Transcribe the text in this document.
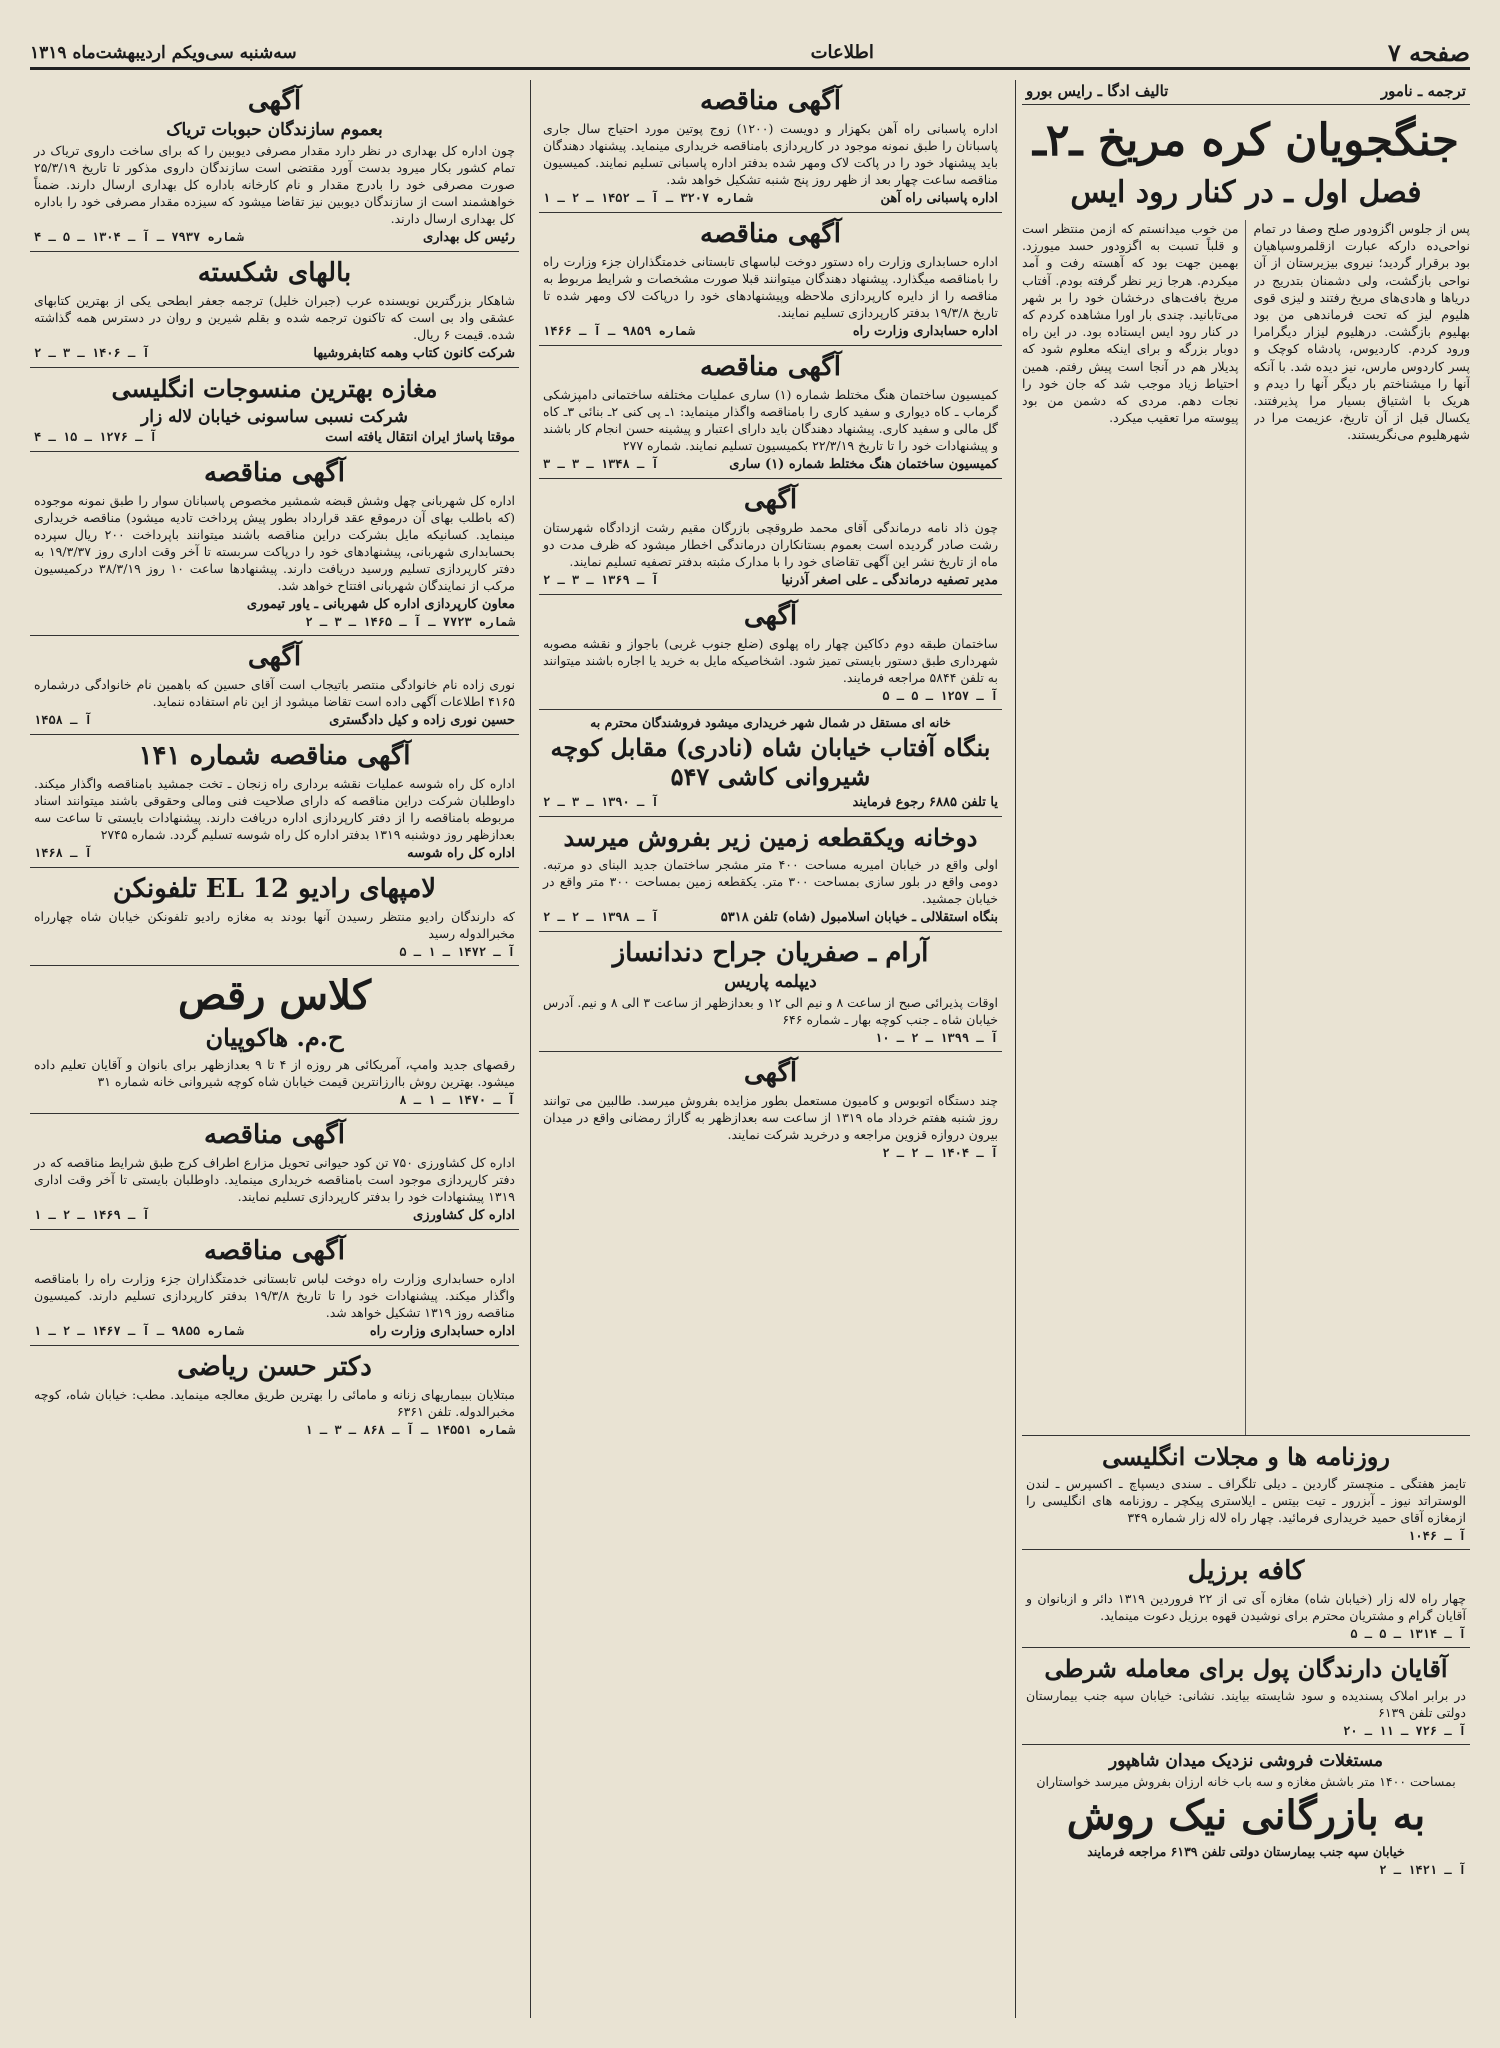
صفحه ۷
اطلاعات
سه‌شنبه سی‌و‌یکم اردیبهشت‌ماه ۱۳۱۹
ترجمه ـ نامور
تالیف ادگا ـ رایس بورو
جنگجویان کره مریخ ـ۲ـ
فصل اول ـ در کنار رود ایس
پس از جلوس اگزودور صلح وصفا در تمام نواحی‌ده دارکه عبارت ازقلمروسپاهیان بود برقرار گردید؛ نیروی بیزیرستان از آن نواحی بازگشت، ولی دشمنان بتدریج در دریاها و هادی‌های مریخ رفتند و لیزی قوی هلیوم لیز که تحت فرماندهی من بود بهلیوم بازگشت. درهلیوم لیزار دیگرامرا ورود کردم. کاردیوس، پادشاه کوچک و پسر کاردوس مارس، نیز دیده شد. با آنکه آنها را میشناختم بار دیگر آنها را دیدم و هریک با اشتیاق بسیار مرا پذیرفتند. یکسال قبل از آن تاریخ، عزیمت مرا در شهرهلیوم می‌نگریستند.
من خوب میدانستم که ازمن منتظر است و قلباً تسبت به اگزودور حسد میورزد. بهمین جهت بود که آهسته رفت و آمد میکردم. هرجا زیر نظر گرفته بودم. آفتاب مریخ بافت‌های درخشان خود را بر شهر می‌تابانید. چندی بار اورا مشاهده کردم که در کنار رود ایس ایستاده بود. در این راه دوبار بزرگه و برای اینکه معلوم شود که پدیلار هم در آنجا است پیش رفتم. همین احتیاط زیاد موجب شد که جان خود را نجات دهم. مردی که دشمن من بود پیوسته مرا تعقیب میکرد.
روزنامه ها و مجلات انگلیسی
تایمز هفتگی ـ منچستر گاردین ـ دیلی تلگراف ـ سندی دیسپاچ ـ اکسپرس ـ لندن الوستراتد نیوز ـ آبزرور ـ تیت بیتس ـ ایلاستری پیکچر ـ روزنامه های انگلیسی را ازمغازه آقای حمید خریداری فرمائید. چهار راه لاله زار شماره ۳۴۹
آ ـ ۱۰۴۶
کافه برزیل
چهار راه لاله زار (خیابان شاه) مغازه آی تی از ۲۲ فروردین ۱۳۱۹ دائر و ازبانوان و آقایان گرام و مشتریان محترم برای نوشیدن قهوه برزیل دعوت مینماید.
آ ـ ۱۳۱۴ ـ ۵ ـ ۵
آقایان دارندگان پول برای معامله شرطی
در برابر املاک پسندیده و سود شایسته بیایند. نشانی: خیابان سپه جنب بیمارستان دولتی تلفن ۶۱۳۹
آ ـ ۷۲۶ ـ ۱۱ ـ ۲۰
مستغلات فروشی نزدیک میدان شاهپور
بمساحت ۱۴۰۰ متر باشش مغازه و سه باب خانه ارزان بفروش میرسد خواستاران
به بازرگانی نیک روش
خیابان سپه جنب بیمارستان دولتی تلفن ۶۱۳۹ مراجعه فرمایند
آ ـ ۱۴۲۱ ـ ۲
آگهی مناقصه
اداره پاسبانی راه آهن بکهزار و دویست (۱۲۰۰) زوج پوتین مورد احتیاج سال جاری پاسبانان را طبق نمونه موجود در کارپردازی بامناقصه خریداری مینماید. پیشنهاد دهندگان باید پیشنهاد خود را در پاکت لاک ومهر شده بدفتر اداره پاسبانی تسلیم نمایند. کمیسیون مناقصه ساعت چهار بعد از ظهر روز پنج شنبه تشکیل خواهد شد.
اداره پاسبانی راه آهن
شماره ۳۲۰۷ ـ آ ـ ۱۴۵۲ ـ ۲ ـ ۱
آگهی مناقصه
اداره حسابداری وزارت راه دستور دوخت لباسهای تابستانی خدمتگذاران جزء وزارت راه را بامناقصه میگذارد. پیشنهاد دهندگان میتوانند قبلا صورت مشخصات و شرایط مربوط به مناقصه را از دایره کارپردازی ملاحظه وپیشنهادهای خود را درپاکت لاک ومهر شده تا تاریخ ۱۹/۳/۸ بدفتر کارپردازی تسلیم نمایند.
اداره حسابداری وزارت راه
شماره ۹۸۵۹ ـ آ ـ ۱۴۶۶
آگهی مناقصه
کمیسیون ساختمان هنگ مختلط شماره (۱) ساری عملیات مختلفه ساختمانی دامپزشکی گرماب ـ کاه دیواری و سفید کاری را بامناقصه واگذار مینماید: ۱ـ پی کنی ۲ـ بنائی ۳ـ کاه گل مالی و سفید کاری. پیشنهاد دهندگان باید دارای اعتبار و پیشینه حسن انجام کار باشند و پیشنهادات خود را تا تاریخ ۲۲/۳/۱۹ بکمیسیون تسلیم نمایند. شماره ۲۷۷
کمیسیون ساختمان هنگ مختلط شماره (۱) ساری
آ ـ ۱۳۴۸ ـ ۳ ـ ۳
آگهی
چون ذاد نامه درماندگی آقای محمد طروقچی بازرگان مقیم رشت ازدادگاه شهرستان رشت صادر گردیده است بعموم بستانکاران درماندگی اخطار میشود که ظرف مدت دو ماه از تاریخ نشر این آگهی تقاضای خود را با مدارک مثبته بدفتر تصفیه تسلیم نمایند.
مدیر تصفیه درماندگی ـ علی اصغر آذرنیا
آ ـ ۱۳۶۹ ـ ۳ ـ ۲
آگهی
ساختمان طبقه دوم دکاکین چهار راه پهلوی (ضلع جنوب غربی) باجواز و نقشه مصوبه شهرداری طبق دستور بایستی تمیز شود. اشخاصیکه مایل به خرید یا اجاره باشند میتوانند به تلفن ۵۸۴۴ مراجعه فرمایند.
آ ـ ۱۲۵۷ ـ ۵ ـ ۵
خانه ای مستقل در شمال شهر خریداری میشود فروشندگان محترم به
بنگاه آفتاب خیابان شاه (نادری) مقابل کوچه شیروانی کاشی ۵۴۷
یا تلفن ۶۸۸۵ رجوع فرمایند
آ ـ ۱۳۹۰ ـ ۳ ـ ۲
دوخانه ویکقطعه زمین زیر بفروش میرسد
اولی واقع در خیابان امیریه مساحت ۴۰۰ متر مشجر ساختمان جدید البنای دو مرتبه. دومی واقع در بلور سازی بمساحت ۳۰۰ متر. یکقطعه زمین بمساحت ۳۰۰ متر واقع در خیابان جمشید.
بنگاه استقلالی ـ خیابان اسلامبول (شاه) تلفن ۵۳۱۸
آ ـ ۱۳۹۸ ـ ۲ ـ ۲
آرام ـ صفریان جراح دندانساز
دیپلمه پاریس
اوقات پذیرائی صبح از ساعت ۸ و نیم الی ۱۲ و بعدازظهر از ساعت ۳ الی ۸ و نیم. آدرس خیابان شاه ـ جنب کوچه بهار ـ شماره ۶۴۶
آ ـ ۱۳۹۹ ـ ۲ ـ ۱۰
آگهی
چند دستگاه اتوبوس و کامیون مستعمل بطور مزایده بفروش میرسد. طالبین می توانند روز شنبه هفتم خرداد ماه ۱۳۱۹ از ساعت سه بعدازظهر به گاراژ رمضانی واقع در میدان بیرون دروازه قزوین مراجعه و درخرید شرکت نمایند.
آ ـ ۱۴۰۴ ـ ۲ ـ ۲
آگهی
بعموم سازندگان حبوبات تریاک
چون اداره کل بهداری در نظر دارد مقدار مصرفی دیوبین را که برای ساخت داروی تریاک در تمام کشور بکار میرود بدست آورد مقتضی است سازندگان داروی مذکور تا تاریخ ۲۵/۳/۱۹ صورت مصرفی خود را بادرج مقدار و نام کارخانه باداره کل بهداری ارسال دارند. ضمناً خواهشمند است از سازندگان دیوبین نیز تقاضا میشود که سیزده مقدار مصرفی خود را باداره کل بهداری ارسال دارند.
رئیس کل بهداری
شماره ۷۹۳۷ ـ آ ـ ۱۳۰۴ ـ ۵ ـ ۴
بالهای شکسته
شاهکار بزرگترین نویسنده عرب (جبران خلیل) ترجمه جعفر ابطحی یکی از بهترین کتابهای عشقی واد بی است که تاکنون ترجمه شده و بقلم شیرین و روان در دسترس همه گذاشته شده. قیمت ۶ ریال.
شرکت کانون کتاب وهمه کتابفروشیها
آ ـ ۱۴۰۶ ـ ۳ ـ ۲
مغازه بهترین منسوجات انگلیسی
شرکت نسبی ساسونی خیابان لاله زار
موقتا پاساژ ایران انتقال یافته است
آ ـ ۱۲۷۶ ـ ۱۵ ـ ۴
آگهی مناقصه
اداره کل شهربانی چهل وشش قبضه شمشیر مخصوص پاسبانان سوار را طبق نمونه موجوده (که باطلب بهای آن درموقع عقد قرارداد بطور پیش پرداخت تادیه میشود) مناقصه خریداری مینماید. کسانیکه مایل بشرکت دراین مناقصه باشند میتوانند باپرداخت ۲۰۰ ریال سپرده بحسابداری شهربانی، پیشنهادهای خود را درپاکت سربسته تا آخر وقت اداری روز ۱۹/۳/۳۷ به دفتر کارپردازی تسلیم ورسید دریافت دارند. پیشنهادها ساعت ۱۰ روز ۳۸/۳/۱۹ درکمیسیون مرکب از نمایندگان شهربانی افتتاح خواهد شد.
معاون کارپردازی اداره کل شهربانی ـ یاور تیموری
شماره ۷۷۲۳ ـ آ ـ ۱۴۶۵ ـ ۳ ـ ۲
آگهی
نوری زاده نام خانوادگی منتصر باتیجاب است آقای حسین که باهمین نام خانوادگی درشماره ۴۱۶۵ اطلاعات آگهی داده است تقاضا میشود از این نام استفاده ننماید.
حسین نوری زاده و کیل دادگستری
آ ـ ۱۴۵۸
آگهی مناقصه شماره ۱۴۱
اداره کل راه شوسه عملیات نقشه برداری راه زنجان ـ تخت جمشید بامناقصه واگذار میکند. داوطلبان شرکت دراین مناقصه که دارای صلاحیت فنی ومالی وحقوقی باشند میتوانند اسناد مربوطه بامناقصه را از دفتر کارپردازی اداره دریافت دارند. پیشنهادات بایستی تا ساعت سه بعدازظهر روز دوشنبه ۱۳۱۹ بدفتر اداره کل راه شوسه تسلیم گردد. شماره ۲۷۴۵
اداره کل راه شوسه
آ ـ ۱۴۶۸
لامپهای رادیو EL 12 تلفونکن
که دارندگان رادیو منتظر رسیدن آنها بودند به مغازه رادیو تلفونکن خیابان شاه چهارراه مخبرالدوله رسید
آ ـ ۱۴۷۲ ـ ۱ ـ ۵
کلاس رقص
ح.م. هاکوپیان
رقصهای جدید وامپ، آمریکائی هر روزه از ۴ تا ۹ بعدازظهر برای بانوان و آقایان تعلیم داده میشود. بهترین روش باارزانترین قیمت خیابان شاه کوچه شیروانی خانه شماره ۳۱
آ ـ ۱۴۷۰ ـ ۱ ـ ۸
آگهی مناقصه
اداره کل کشاورزی ۷۵۰ تن کود حیوانی تحویل مزارع اطراف کرج طبق شرایط مناقصه که در دفتر کارپردازی موجود است بامناقصه خریداری مینماید. داوطلبان بایستی تا آخر وقت اداری ۱۳۱۹ پیشنهادات خود را بدفتر کارپردازی تسلیم نمایند.
اداره کل کشاورزی
آ ـ ۱۴۶۹ ـ ۲ ـ ۱
آگهی مناقصه
اداره حسابداری وزارت راه دوخت لباس تابستانی خدمتگذاران جزء وزارت راه را بامناقصه واگذار میکند. پیشنهادات خود را تا تاریخ ۱۹/۳/۸ بدفتر کارپردازی تسلیم دارند. کمیسیون مناقصه روز ۱۳۱۹ تشکیل خواهد شد.
اداره حسابداری وزارت راه
شماره ۹۸۵۵ ـ آ ـ ۱۴۶۷ ـ ۲ ـ ۱
دکتر حسن ریاضی
مبتلایان ببیماریهای زنانه و مامائی را بهترین طریق معالجه مینماید. مطب: خیابان شاه، کوچه مخبرالدوله. تلفن ۶۳۶۱
شماره ۱۴۵۵۱ ـ آ ـ ۸۶۸ ـ ۳ ـ ۱
